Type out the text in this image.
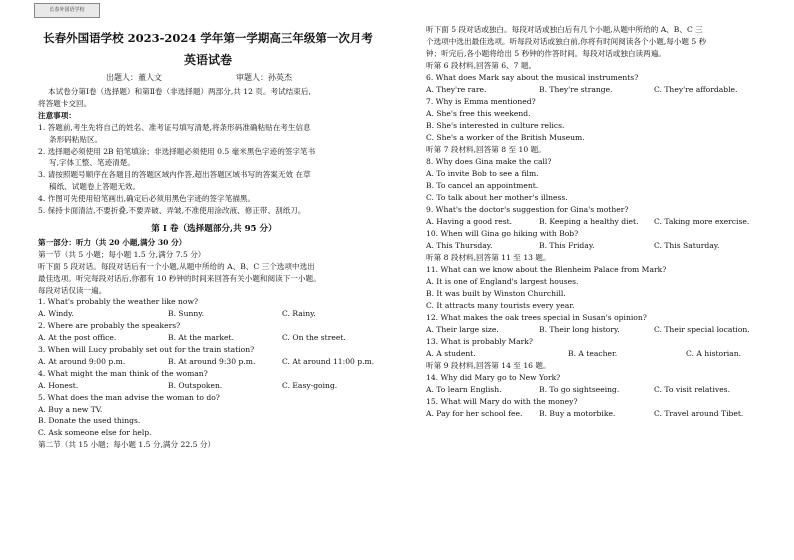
长春外国语学校
长春外国语学校 2023-2024 学年第一学期高三年级第一次月考
英语试卷
出题人：董人文	审题人：孙英杰
本试卷分第Ⅰ卷（选择题）和第Ⅱ卷（非选择题）两部分,共 12 页。考试结束后,
将答题卡交回。
注意事项：
1. 答题前,考生先将自己的姓名、准考证号填写清楚,将条形码准确粘贴在考生信息
条形码粘贴区。
2. 选择题必须使用 2B 铅笔填涂；非选择题必须使用 0.5 毫米黑色字迹的签字笔书
写,字体工整、笔迹清楚。
3. 请按照题号顺序在各题目的答题区域内作答,超出答题区域书写的答案无效 在草
稿纸、试题卷上答题无效。
4. 作图可先使用铅笔画出,确定后必须用黑色字迹的签字笔描黑。
5. 保持卡面清洁,不要折叠,不要弄破、弄皱,不准使用涂改液、修正带、刮纸刀。
第 I 卷（选择题部分,共 95 分）
第一部分：听力（共 20 小题,满分 30 分）
第一节（共 5 小题；每小题 1.5 分,满分 7.5 分）
听下面 5 段对话。每段对话后有一个小题,从题中所给的 A、B、C 三个选项中选出
最佳选项。听完每段对话后,你都有 10 秒钟的时间来回答有关小题和阅读下一小题。
每段对话仅读一遍。
1. What's probably the weather like now?
A. Windy.	B. Sunny.	C. Rainy.
2. Where are probably the speakers?
A. At the post office.	B. At the market.	C. On the street.
3. When will Lucy probably set out for the train station?
A. At around 9:00 p.m.	B. At around 9:30 p.m.	C. At around 11:00 p.m.
4. What might the man think of the woman?
A. Honest.	B. Outspoken.	C. Easy-going.
5. What does the man advise the woman to do?
A. Buy a new TV.
B. Donate the used things.
C. Ask someone else for help.
第二节（共 15 小题；每小题 1.5 分,满分 22.5 分）
听下面 5 段对话或独白。每段对话或独白后有几个小题,从题中所给的 A、B、C 三
个选项中选出最佳选项。听每段对话或独白前,你将有时间阅读各个小题,每小题 5 秒
钟；听完后,各小题将给出 5 秒钟的作答时间。每段对话或独白读两遍。
听第 6 段材料,回答第 6、7 题。
6. What does Mark say about the musical instruments?
A. They're rare.	B. They're strange.	C. They're affordable.
7. Why is Emma mentioned?
A. She's free this weekend.
B. She's interested in culture relics.
C. She's a worker of the British Museum.
听第 7 段材料,回答第 8 至 10 题。
8. Why does Gina make the call?
A. To invite Bob to see a film.
B. To cancel an appointment.
C. To talk about her mother's illness.
9. What's the doctor's suggestion for Gina's mother?
A. Having a good rest.	B. Keeping a healthy diet. C. Taking more exercise.
10. When will Gina go hiking with Bob?
A. This Thursday.	B. This Friday.	C. This Saturday.
听第 8 段材料,回答第 11 至 13 题。
11. What can we know about the Blenheim Palace from Mark?
A. It is one of England's largest houses.
B. It was built by Winston Churchill.
C. It attracts many tourists every year.
12. What makes the oak trees special in Susan's opinion?
A. Their large size.	B. Their long history.	C. Their special location.
13. What is probably Mark?
A. A student.	B. A teacher.	C. A historian.
听第 9 段材料,回答第 14 至 16 题。
14. Why did Mary go to New York?
A. To learn English.	B. To go sightseeing.	C. To visit relatives.
15. What will Mary do with the money?
A. Pay for her school fee. B. Buy a motorbike.	C. Travel around Tibet.
